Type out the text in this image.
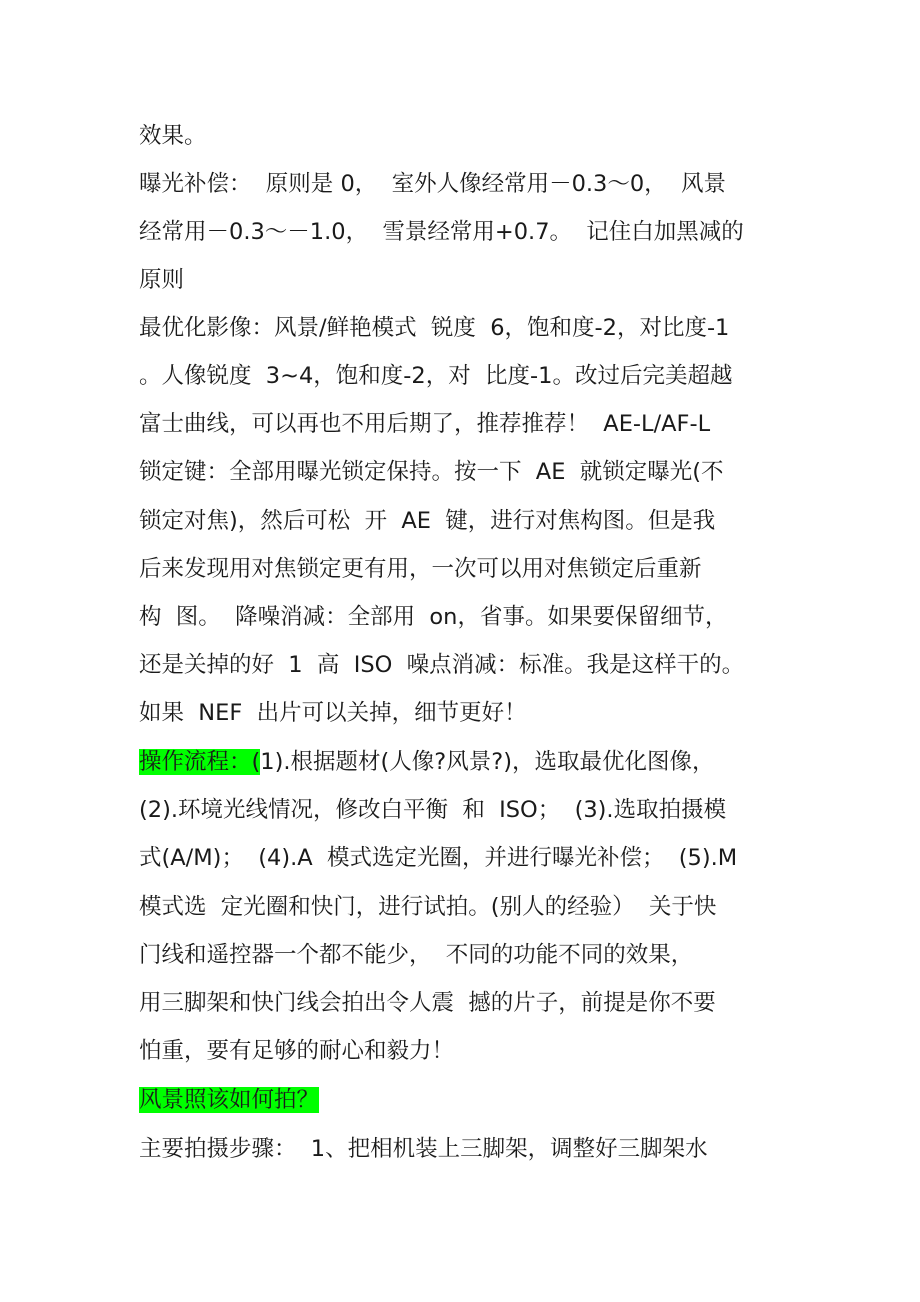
效果。
曝光补偿：  原则是 0，  室外人像经常用－0.3～0，  风景
经常用－0.3～－1.0，  雪景经常用+0.7。  记住白加黑减的
原则
最优化影像：风景/鲜艳模式  锐度  6，饱和度-2，对比度-1
。人像锐度  3~4，饱和度-2，对  比度-1。改过后完美超越
富士曲线，可以再也不用后期了，推荐推荐！  AE-L/AF-L
锁定键：全部用曝光锁定保持。按一下  AE  就锁定曝光(不
锁定对焦)，然后可松  开  AE  键，进行对焦构图。但是我
后来发现用对焦锁定更有用，一次可以用对焦锁定后重新
构  图。  降噪消减：全部用  on，省事。如果要保留细节，
还是关掉的好  1  高  ISO  噪点消减：标准。我是这样干的。
如果  NEF  出片可以关掉，细节更好！
操作流程：(1).根据题材(人像?风景?)，选取最优化图像，
(2).环境光线情况，修改白平衡  和  ISO；  (3).选取拍摄模
式(A/M)；  (4).A  模式选定光圈，并进行曝光补偿；  (5).M
模式选  定光圈和快门，进行试拍。(别人的经验）  关于快
门线和遥控器一个都不能少，  不同的功能不同的效果，
用三脚架和快门线会拍出令人震  撼的片子，前提是你不要
怕重，要有足够的耐心和毅力！
风景照该如何拍？
主要拍摄步骤：  1、把相机装上三脚架，调整好三脚架水
